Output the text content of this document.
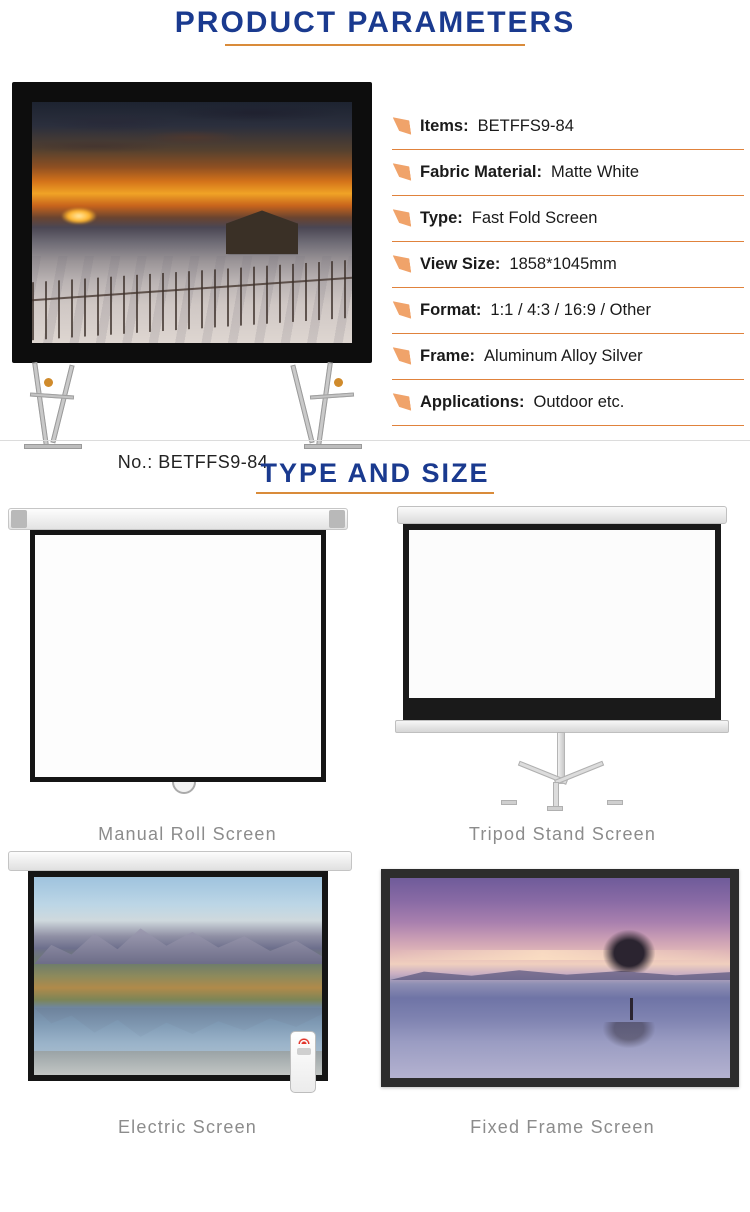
PRODUCT PARAMETERS
No.: BETFFS9-84
Items: BETFFS9-84
Fabric Material: Matte White
Type: Fast Fold Screen
View Size: 1858*1045mm
Format: 1:1 / 4:3 / 16:9 / Other
Frame: Aluminum Alloy Silver
Applications: Outdoor etc.
TYPE AND SIZE
Manual Roll Screen	Tripod Stand Screen
Electric Screen	Fixed Frame Screen
